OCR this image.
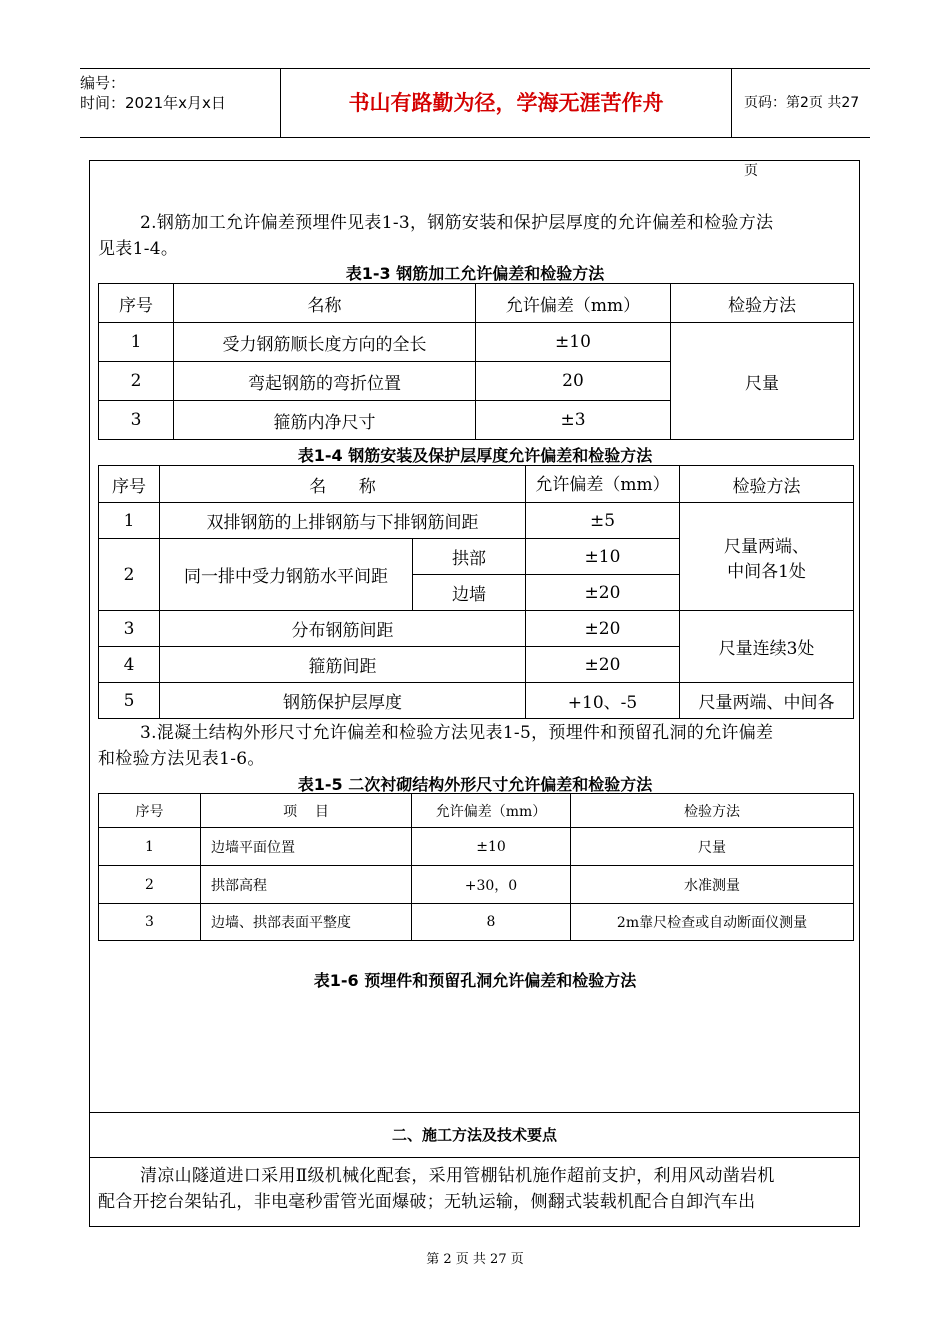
编号：
时间：2021年x月x日	书山有路勤为径，学海无涯苦作舟	页码：第2页 共27页
2.钢筋加工允许偏差预埋件见表1-3，钢筋安装和保护层厚度的允许偏差和检验方法
见表1-4。
表1-3 钢筋加工允许偏差和检验方法
序号	名称	允许偏差（mm）	检验方法
1	受力钢筋顺长度方向的全长	±10	尺量
2	弯起钢筋的弯折位置	20	
3	箍筋内净尺寸	±3	
表1-4 钢筋安装及保护层厚度允许偏差和检验方法
序号	名      称		允许偏差（mm）	检验方法
1	双排钢筋的上排钢筋与下排钢筋间距		±5	尺量两端、
中间各1处

2	同一排中受力钢筋水平间距	拱部	±10	
		边墙	±20	
3	分布钢筋间距		±20	尺量连续3处
4	箍筋间距		±20	
5	钢筋保护层厚度		+10、-5	尺量两端、中间各
3.混凝土结构外形尺寸允许偏差和检验方法见表1-5，预埋件和预留孔洞的允许偏差
和检验方法见表1-6。
表1-5 二次衬砌结构外形尺寸允许偏差和检验方法
序号	项    目	允许偏差（mm）	检验方法
1	边墙平面位置	±10	尺量
2	拱部高程	+30，0	水准测量
3	边墙、拱部表面平整度	8	2m靠尺检查或自动断面仪测量
表1-6 预埋件和预留孔洞允许偏差和检验方法
二、施工方法及技术要点
清凉山隧道进口采用Ⅱ级机械化配套，采用管棚钻机施作超前支护，利用风动凿岩机
配合开挖台架钻孔，非电毫秒雷管光面爆破；无轨运输，侧翻式装载机配合自卸汽车出
第 2 页 共 27 页
